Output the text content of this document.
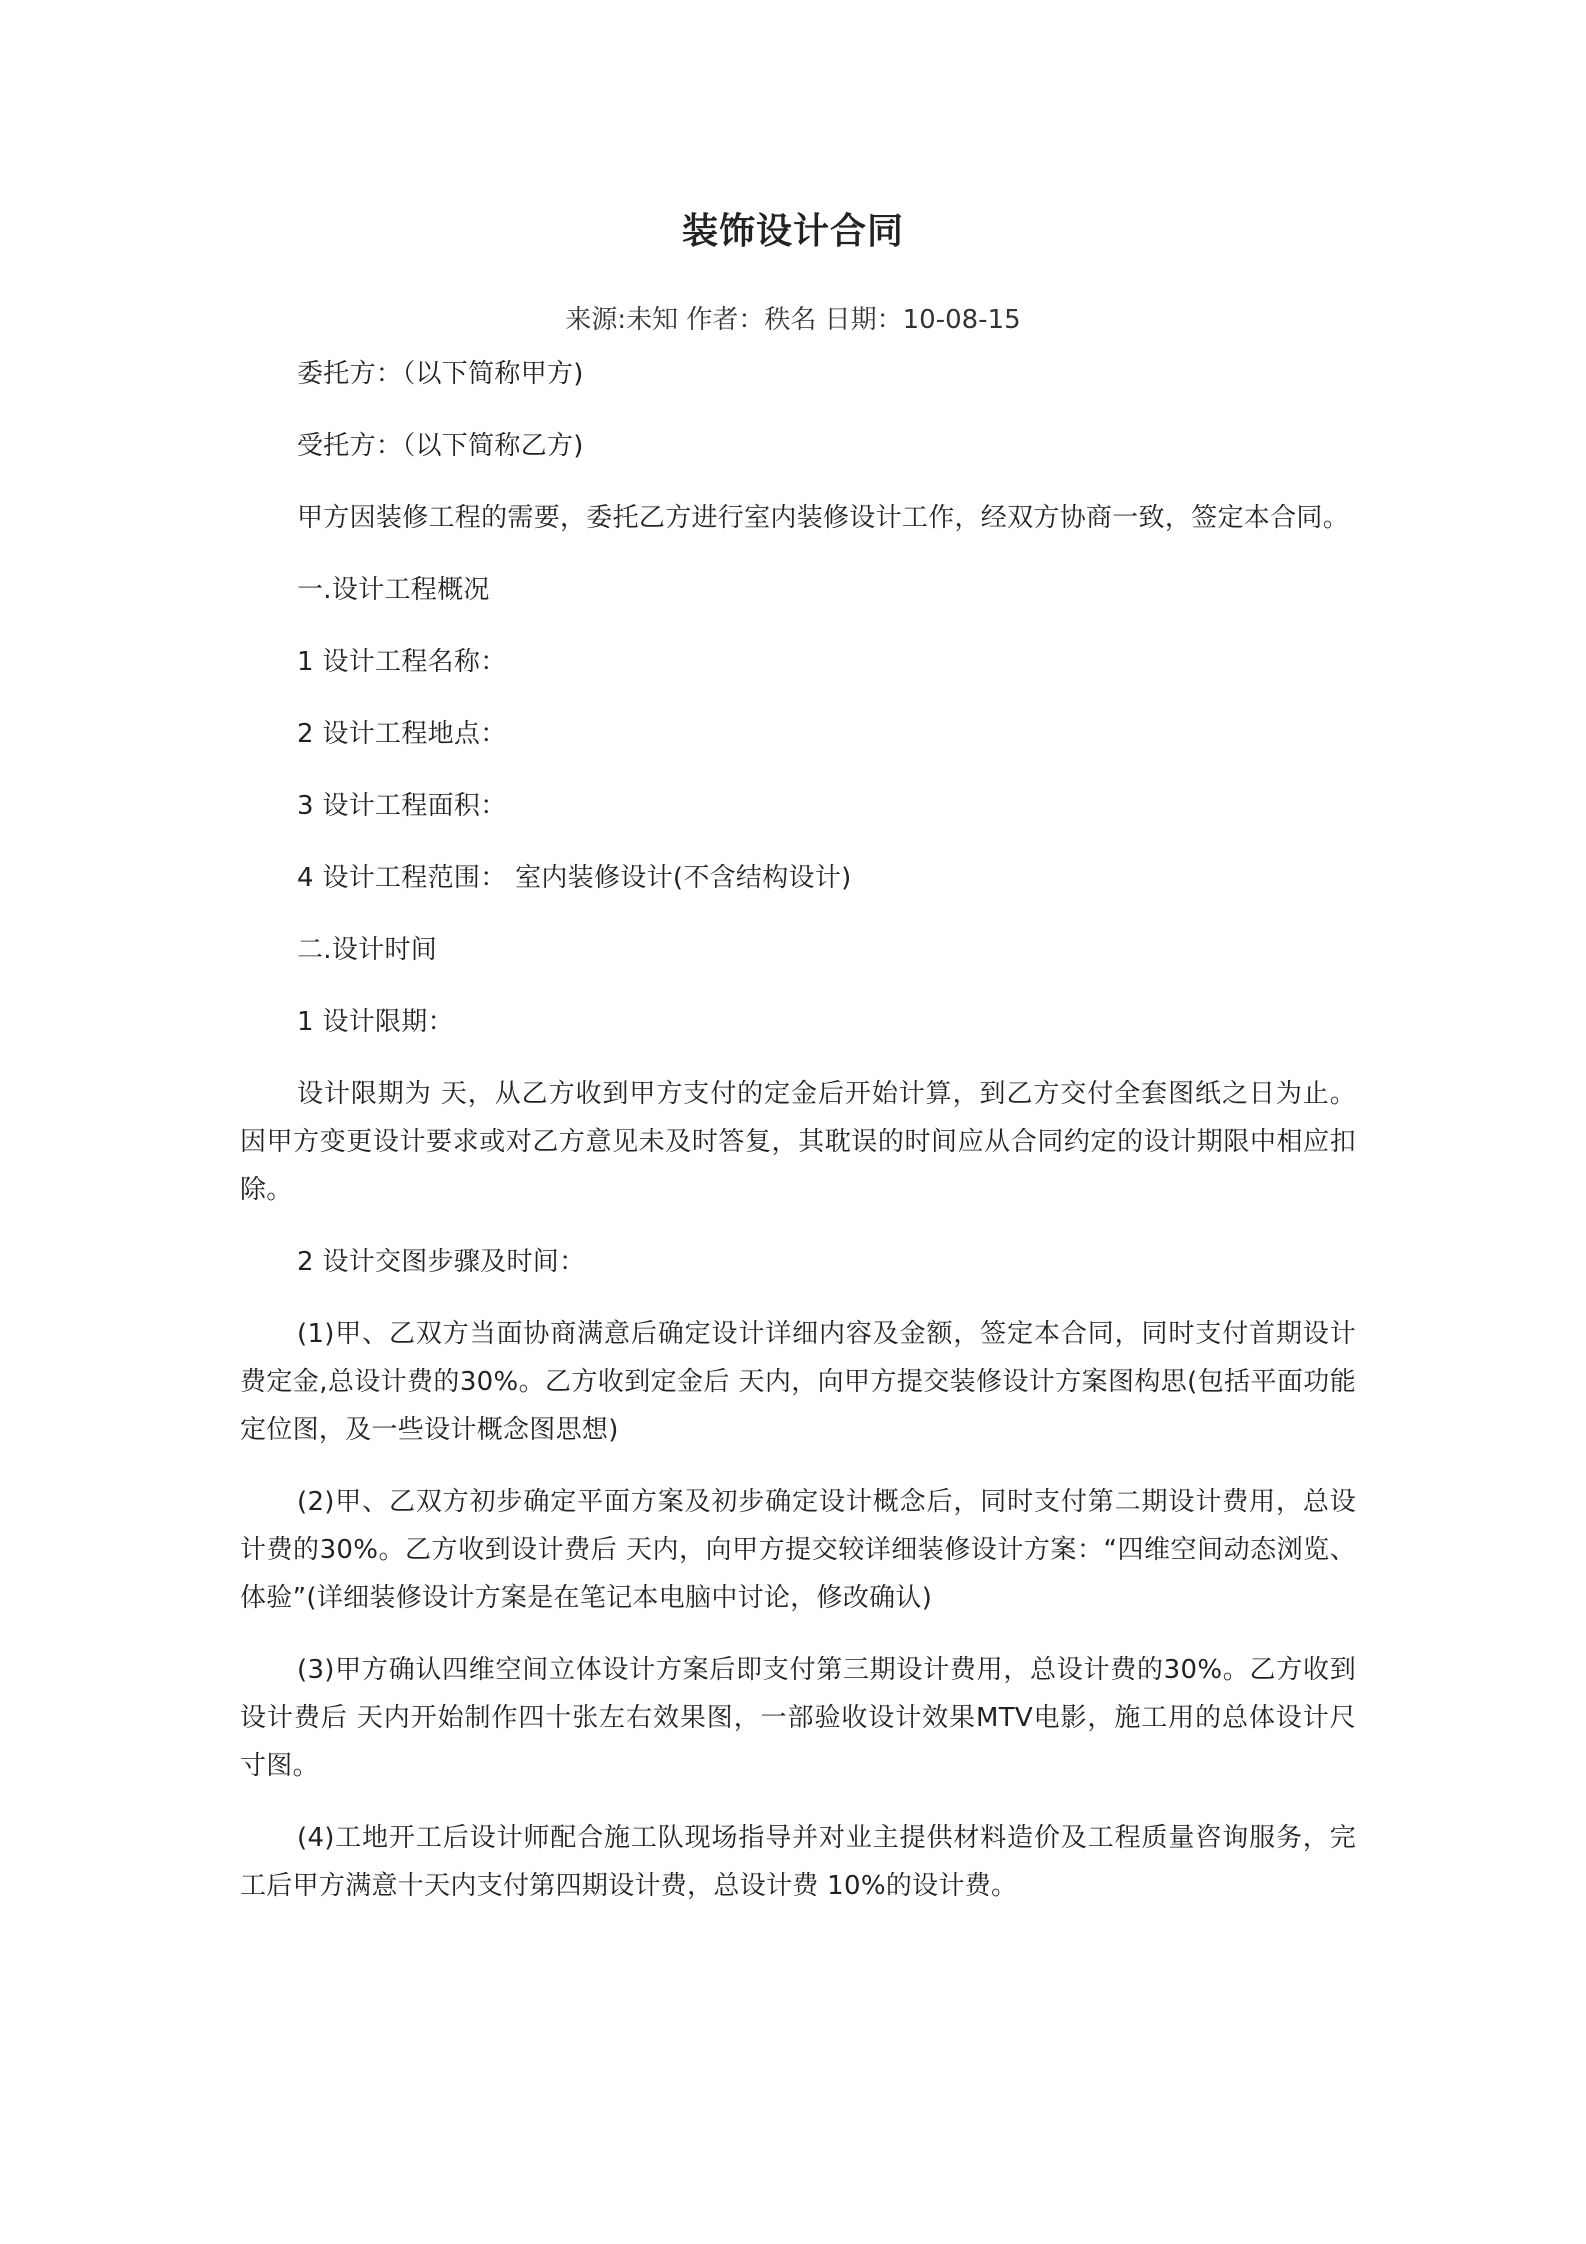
装饰设计合同
来源:未知 作者：秩名 日期：10-08-15

委托方：（以下简称甲方)

受托方：（以下简称乙方)

甲方因装修工程的需要，委托乙方进行室内装修设计工作，经双方协商一致，签定本合同。

一.设计工程概况

1 设计工程名称：

2 设计工程地点：

3 设计工程面积：

4 设计工程范围： 室内装修设计(不含结构设计)

二.设计时间

1 设计限期：

设计限期为 天，从乙方收到甲方支付的定金后开始计算，到乙方交付全套图纸之日为止。因甲方变更设计要求或对乙方意见未及时答复，其耽误的时间应从合同约定的设计期限中相应扣除。

2 设计交图步骤及时间：

(1)甲、乙双方当面协商满意后确定设计详细内容及金额，签定本合同，同时支付首期设计费定金,总设计费的30%。乙方收到定金后 天内，向甲方提交装修设计方案图构思(包括平面功能定位图，及一些设计概念图思想)

(2)甲、乙双方初步确定平面方案及初步确定设计概念后，同时支付第二期设计费用，总设计费的30%。乙方收到设计费后 天内，向甲方提交较详细装修设计方案：“四维空间动态浏览、体验”(详细装修设计方案是在笔记本电脑中讨论，修改确认)

(3)甲方确认四维空间立体设计方案后即支付第三期设计费用，总设计费的30%。乙方收到设计费后 天内开始制作四十张左右效果图，一部验收设计效果MTV电影，施工用的总体设计尺寸图。

(4)工地开工后设计师配合施工队现场指导并对业主提供材料造价及工程质量咨询服务，完工后甲方满意十天内支付第四期设计费，总设计费 10%的设计费。
